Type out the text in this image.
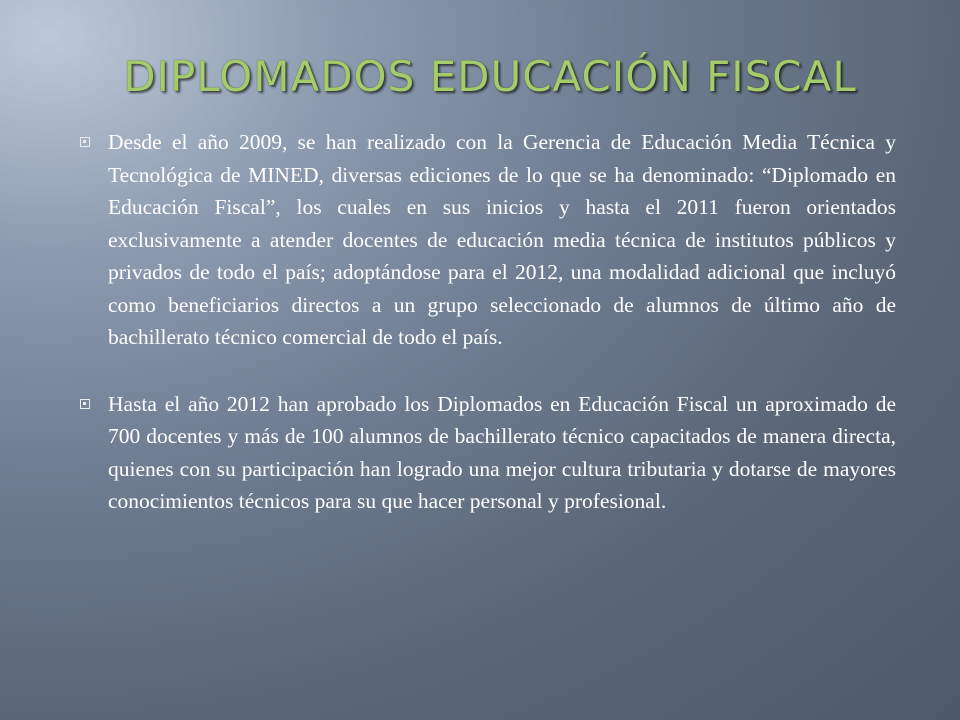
DIPLOMADOS EDUCACIÓN FISCAL

Desde el año 2009, se han realizado con la Gerencia de Educación Media Técnica y Tecnológica de MINED, diversas ediciones de lo que se ha denominado: “Diplomado en Educación Fiscal”, los cuales en sus inicios y hasta el 2011 fueron orientados exclusivamente a atender docentes de educación media técnica de institutos públicos y privados de todo el país; adoptándose para el 2012, una modalidad adicional que incluyó como beneficiarios directos a un grupo seleccionado de alumnos de último año de bachillerato técnico comercial de todo el país.

Hasta el año 2012 han aprobado los Diplomados en Educación Fiscal un aproximado de 700 docentes y más de 100 alumnos de bachillerato técnico capacitados de manera directa, quienes con su participación han logrado una mejor cultura tributaria y dotarse de mayores conocimientos técnicos para su que hacer personal y profesional.
